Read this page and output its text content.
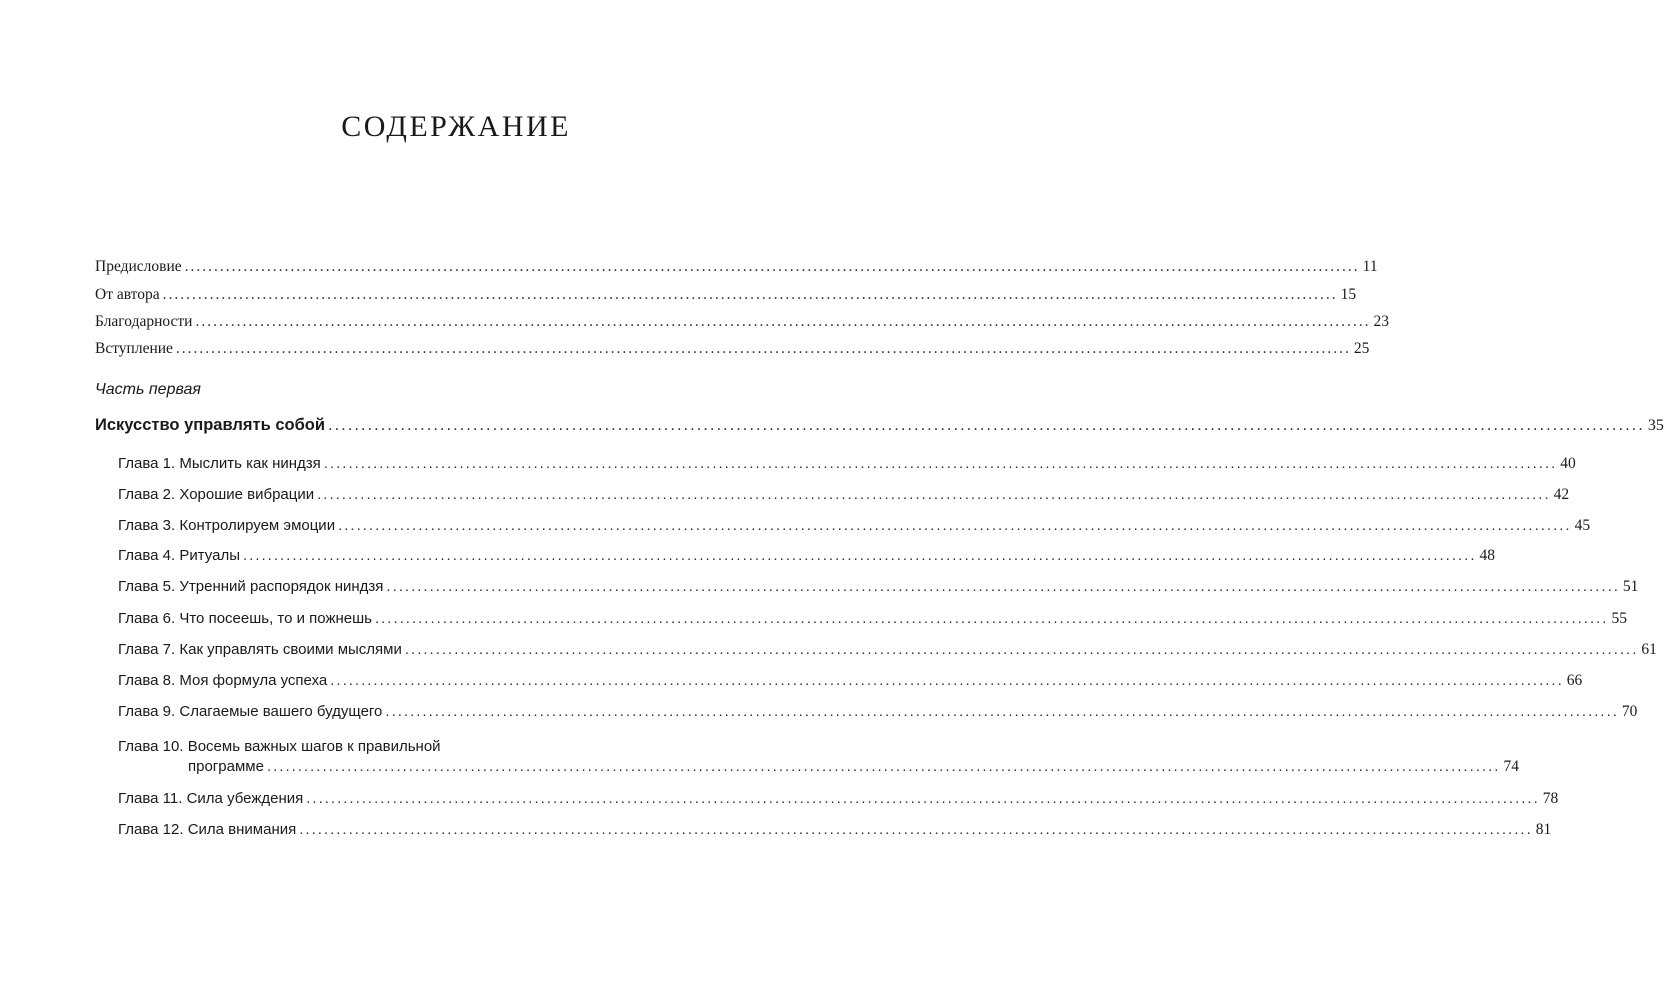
СОДЕРЖАНИЕ
Предисловие ........................................................................................................................................................................................................ 11
От автора ........................................................................................................................................................................................................ 15
Благодарности ........................................................................................................................................................................................................ 23
Вступление ........................................................................................................................................................................................................ 25
Часть первая
Искусство управлять собой ........................................................................................................................................................................................................ 35
Глава 1. Мыслить как ниндзя ........................................................................................................................................................................................................ 40
Глава 2. Хорошие вибрации ........................................................................................................................................................................................................ 42
Глава 3. Контролируем эмоции ........................................................................................................................................................................................................ 45
Глава 4. Ритуалы ........................................................................................................................................................................................................ 48
Глава 5. Утренний распорядок ниндзя ........................................................................................................................................................................................................ 51
Глава 6. Что посеешь, то и пожнешь ........................................................................................................................................................................................................ 55
Глава 7. Как управлять своими мыслями ........................................................................................................................................................................................................ 61
Глава 8. Моя формула успеха ........................................................................................................................................................................................................ 66
Глава 9. Слагаемые вашего будущего ........................................................................................................................................................................................................ 70
Глава 10. Восемь важных шагов к правильной
программе ........................................................................................................................................................................................................ 74
Глава 11. Сила убеждения ........................................................................................................................................................................................................ 78
Глава 12. Сила внимания ........................................................................................................................................................................................................ 81
